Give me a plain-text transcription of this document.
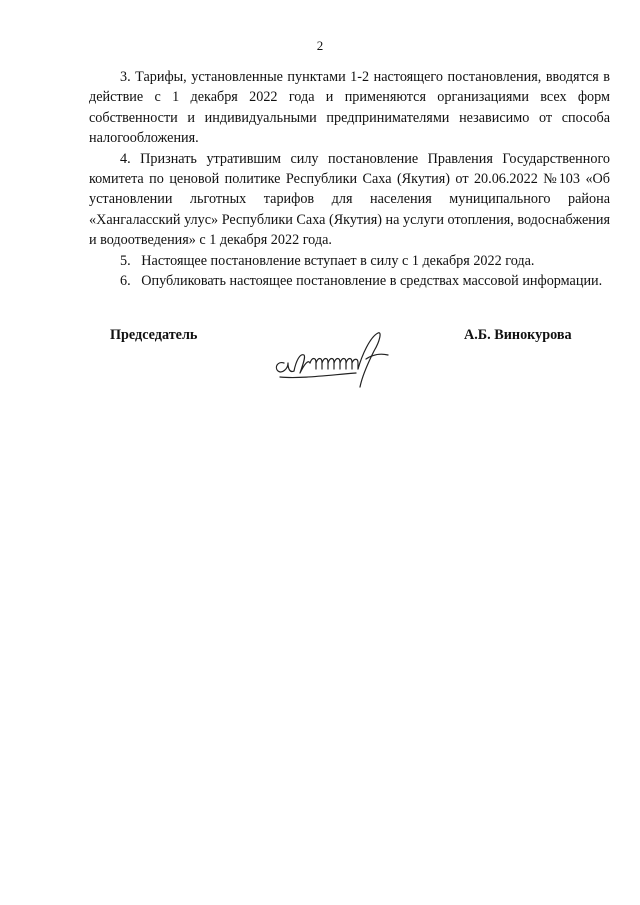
2

3. Тарифы, установленные пунктами 1-2 настоящего постановления, вводятся в действие с 1 декабря 2022 года и применяются организациями всех форм собственности и индивидуальными предпринимателями независимо от способа налогообложения.

4. Признать утратившим силу постановление Правления Государственного комитета по ценовой политике Республики Саха (Якутия) от 20.06.2022 №103 «Об установлении льготных тарифов для населения муниципального района «Хангаласский улус» Республики Саха (Якутия) на услуги отопления, водоснабжения и водоотведения» с 1 декабря 2022 года.

5.   Настоящее постановление вступает в силу с 1 декабря 2022 года.

6.   Опубликовать настоящее постановление в средствах массовой информации.

Председатель	А.Б. Винокурова
